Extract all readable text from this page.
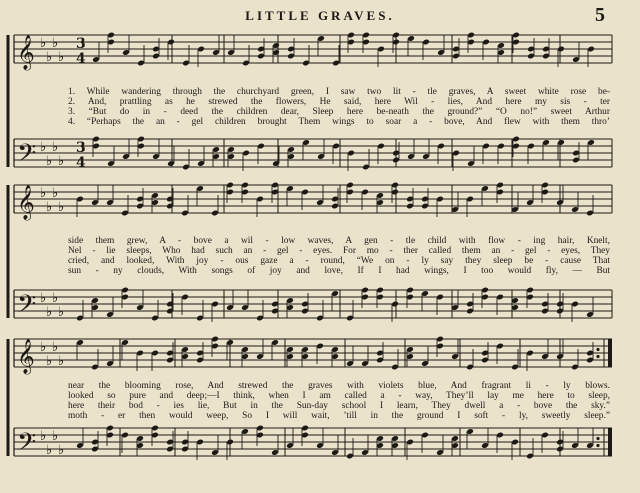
LITTLE GRAVES.	5
𝄞 ♭
♭
♭
♭
3
4
𝄢 ♭
♭
♭
♭
3
4
𝄞 ♭
♭
♭
♭
𝄢 ♭
♭
♭
♭
𝄞 ♭
♭
♭
♭
𝄢 ♭
♭
♭
♭
1. While wandering through the churchyard green, I saw two lit - tle graves, A sweet white rose be-
2. And, prattling as he strewed the flowers, He said, here Wil - lies, And here my sis - ter
3. “But do in - deed the children dear, Sleep here be-neath the ground?” “O no!” sweet Arthur
4. “Perhaps the an - gel children brought Them wings to soar a - bove, And flew with them thro’
side them grew, A - bove a wil - low waves, A gen - tle child with flow - ing hair, Knelt,
Nel - lie sleeps, Who had such an - gel - eyes. For mo - ther called them an - gel - eyes, They
cried, and looked, With joy - ous gaze a - round, “We on - ly say they sleep be - cause That
sun - ny clouds, With songs of joy and love, If I had wings, I too would fly, — But
near the blooming rose, And strewed the graves with violets blue, And fragrant li - ly blows.
looked so pure and deep;—I think, when I am called a - way, They’ll lay me here to sleep,
here their bod - ies lie, But in the Sun-day school I learn, They dwell a - bove the sky.”
moth - er then would weep, So I will wait, ’till in the ground I soft - ly, sweetly sleep.”
